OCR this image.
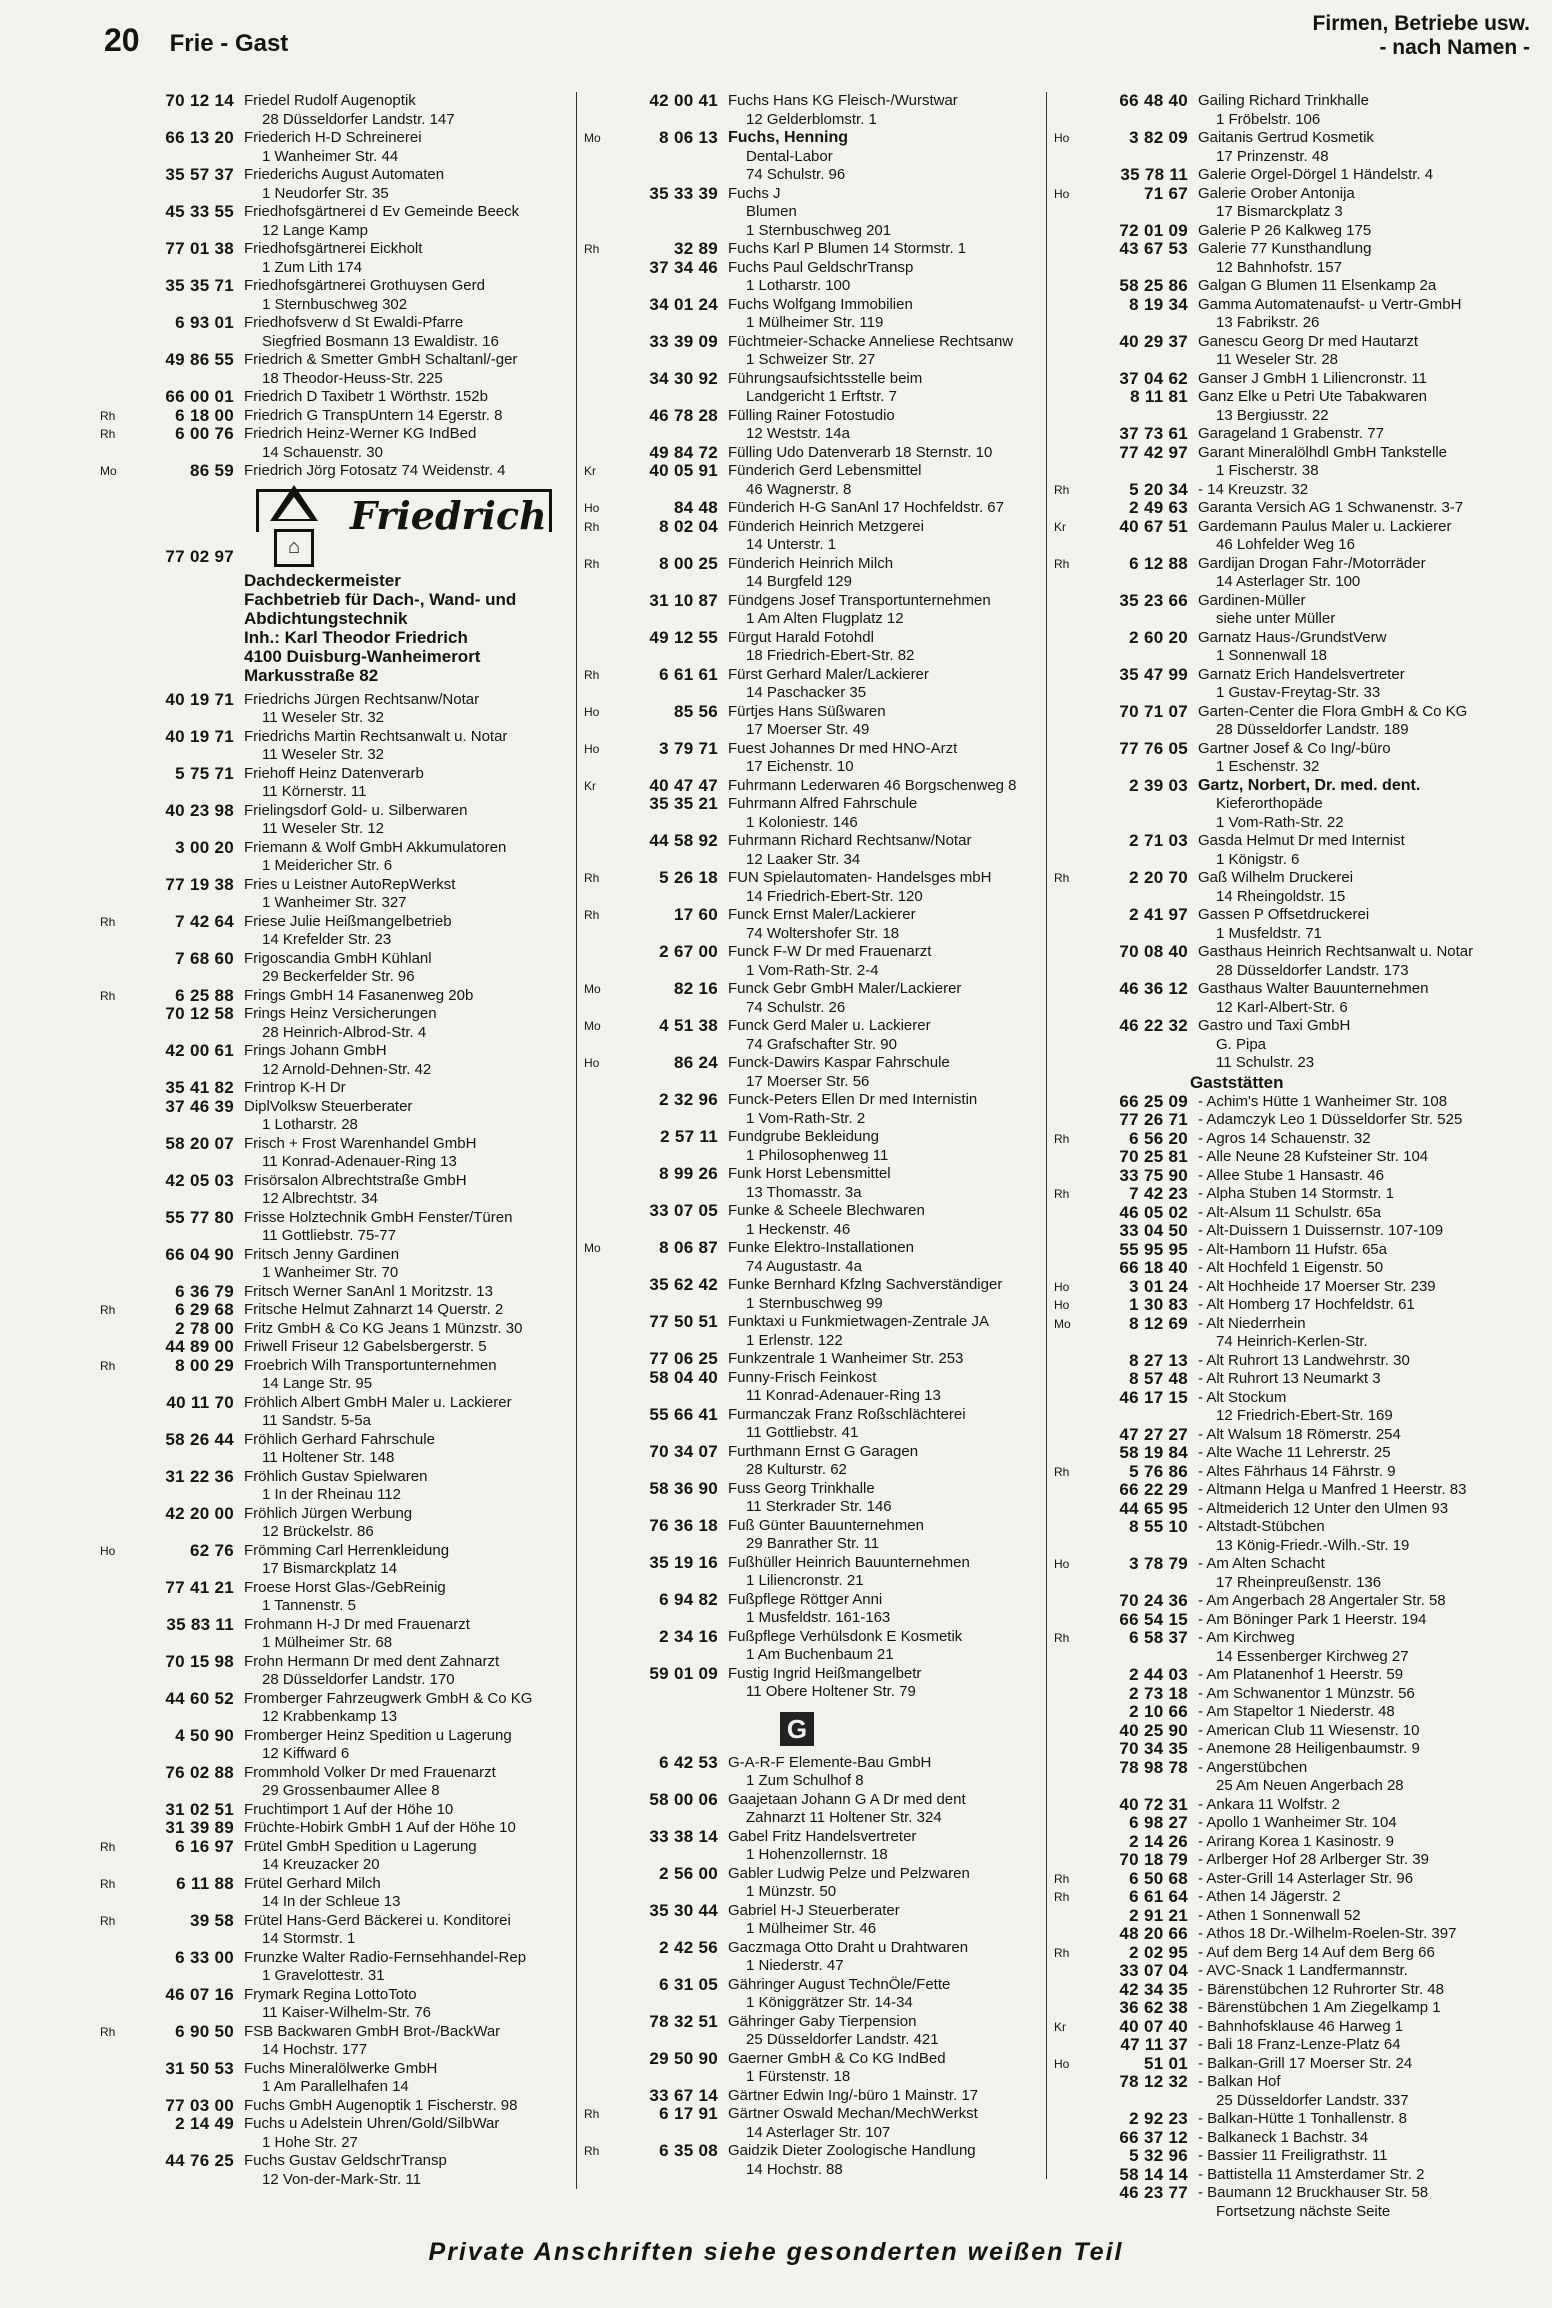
20 Frie - Gast
Firmen, Betriebe usw.
- nach Namen -
70 12 14 Friedel Rudolf Augenoptik
28 Düsseldorfer Landstr. 147
66 13 20 Friederich H-D Schreinerei
1 Wanheimer Str. 44
35 57 37 Friederichs August Automaten
1 Neudorfer Str. 35
45 33 55 Friedhofsgärtnerei d Ev Gemeinde Beeck
12 Lange Kamp
77 01 38 Friedhofsgärtnerei Eickholt
1 Zum Lith 174
35 35 71 Friedhofsgärtnerei Grothuysen Gerd
1 Sternbuschweg 302
6 93 01 Friedhofsverw d St Ewaldi-Pfarre
Siegfried Bosmann 13 Ewaldistr. 16
49 86 55 Friedrich & Smetter GmbH Schaltanl/-ger
18 Theodor-Heuss-Str. 225
66 00 01 Friedrich D Taxibetr 1 Wörthstr. 152b
Rh	6 18 00 Friedrich G TranspUntern 14 Egerstr. 8
Rh	6 00 76 Friedrich Heinz-Werner KG IndBed
14 Schauenstr. 30
Mo	86 59 Friedrich Jörg Fotosatz 74 Weidenstr. 4
77 02 97	⌂
Friedrich
Dachdeckermeister
Fachbetrieb für Dach-, Wand- und
Abdichtungstechnik
Inh.: Karl Theodor Friedrich
4100 Duisburg-Wanheimerort
Markusstraße 82
40 19 71 Friedrichs Jürgen Rechtsanw/Notar
11 Weseler Str. 32
40 19 71 Friedrichs Martin Rechtsanwalt u. Notar
11 Weseler Str. 32
5 75 71 Friehoff Heinz Datenverarb
11 Körnerstr. 11
40 23 98 Frielingsdorf Gold- u. Silberwaren
11 Weseler Str. 12
3 00 20 Friemann & Wolf GmbH Akkumulatoren
1 Meidericher Str. 6
77 19 38 Fries u Leistner AutoRepWerkst
1 Wanheimer Str. 327
Rh	7 42 64 Friese Julie Heißmangelbetrieb
14 Krefelder Str. 23
7 68 60 Frigoscandia GmbH Kühlanl
29 Beckerfelder Str. 96
Rh	6 25 88 Frings GmbH 14 Fasanenweg 20b
70 12 58 Frings Heinz Versicherungen
28 Heinrich-Albrod-Str. 4
42 00 61 Frings Johann GmbH
12 Arnold-Dehnen-Str. 42
35 41 82 Frintrop K-H Dr
37 46 39 DiplVolksw Steuerberater
1 Lotharstr. 28
58 20 07 Frisch + Frost Warenhandel GmbH
11 Konrad-Adenauer-Ring 13
42 05 03 Frisörsalon Albrechtstraße GmbH
12 Albrechtstr. 34
55 77 80 Frisse Holztechnik GmbH Fenster/Türen
11 Gottliebstr. 75-77
66 04 90 Fritsch Jenny Gardinen
1 Wanheimer Str. 70
6 36 79 Fritsch Werner SanAnl 1 Moritzstr. 13
Rh	6 29 68 Fritsche Helmut Zahnarzt 14 Querstr. 2
2 78 00 Fritz GmbH & Co KG Jeans 1 Münzstr. 30
44 89 00 Friwell Friseur 12 Gabelsbergerstr. 5
Rh	8 00 29 Froebrich Wilh Transportunternehmen
14 Lange Str. 95
40 11 70 Fröhlich Albert GmbH Maler u. Lackierer
11 Sandstr. 5-5a
58 26 44 Fröhlich Gerhard Fahrschule
11 Holtener Str. 148
31 22 36 Fröhlich Gustav Spielwaren
1 In der Rheinau 112
42 20 00 Fröhlich Jürgen Werbung
12 Brückelstr. 86
Ho	62 76 Frömming Carl Herrenkleidung
17 Bismarckplatz 14
77 41 21 Froese Horst Glas-/GebReinig
1 Tannenstr. 5
35 83 11 Frohmann H-J Dr med Frauenarzt
1 Mülheimer Str. 68
70 15 98 Frohn Hermann Dr med dent Zahnarzt
28 Düsseldorfer Landstr. 170
44 60 52 Fromberger Fahrzeugwerk GmbH & Co KG
12 Krabbenkamp 13
4 50 90 Fromberger Heinz Spedition u Lagerung
12 Kiffward 6
76 02 88 Frommhold Volker Dr med Frauenarzt
29 Grossenbaumer Allee 8
31 02 51 Fruchtimport 1 Auf der Höhe 10
31 39 89 Früchte-Hobirk GmbH 1 Auf der Höhe 10
Rh	6 16 97 Frütel GmbH Spedition u Lagerung
14 Kreuzacker 20
Rh	6 11 88 Frütel Gerhard Milch
14 In der Schleue 13
Rh	39 58 Frütel Hans-Gerd Bäckerei u. Konditorei
14 Stormstr. 1
6 33 00 Frunzke Walter Radio-Fernsehhandel-Rep
1 Gravelottestr. 31
46 07 16 Frymark Regina LottoToto
11 Kaiser-Wilhelm-Str. 76
Rh	6 90 50 FSB Backwaren GmbH Brot-/BackWar
14 Hochstr. 177
31 50 53 Fuchs Mineralölwerke GmbH
1 Am Parallelhafen 14
77 03 00 Fuchs GmbH Augenoptik 1 Fischerstr. 98
2 14 49 Fuchs u Adelstein Uhren/Gold/SilbWar
1 Hohe Str. 27
44 76 25 Fuchs Gustav GeldschrTransp
12 Von-der-Mark-Str. 11
42 00 41 Fuchs Hans KG Fleisch-/Wurstwar
12 Gelderblomstr. 1
Mo	8 06 13 Fuchs, Henning
Dental-Labor
74 Schulstr. 96
35 33 39 Fuchs J
Blumen
1 Sternbuschweg 201
Rh	32 89 Fuchs Karl P Blumen 14 Stormstr. 1
37 34 46 Fuchs Paul GeldschrTransp
1 Lotharstr. 100
34 01 24 Fuchs Wolfgang Immobilien
1 Mülheimer Str. 119
33 39 09 Füchtmeier-Schacke Anneliese Rechtsanw
1 Schweizer Str. 27
34 30 92 Führungsaufsichtsstelle beim
Landgericht 1 Erftstr. 7
46 78 28 Fülling Rainer Fotostudio
12 Weststr. 14a
49 84 72 Fülling Udo Datenverarb 18 Sternstr. 10
Kr	40 05 91 Fünderich Gerd Lebensmittel
46 Wagnerstr. 8
Ho	84 48 Fünderich H-G SanAnl 17 Hochfeldstr. 67
Rh	8 02 04 Fünderich Heinrich Metzgerei
14 Unterstr. 1
Rh	8 00 25 Fünderich Heinrich Milch
14 Burgfeld 129
31 10 87 Fündgens Josef Transportunternehmen
1 Am Alten Flugplatz 12
49 12 55 Fürgut Harald Fotohdl
18 Friedrich-Ebert-Str. 82
Rh	6 61 61 Fürst Gerhard Maler/Lackierer
14 Paschacker 35
Ho	85 56 Fürtjes Hans Süßwaren
17 Moerser Str. 49
Ho	3 79 71 Fuest Johannes Dr med HNO-Arzt
17 Eichenstr. 10
Kr	40 47 47 Fuhrmann Lederwaren 46 Borgschenweg 8
35 35 21 Fuhrmann Alfred Fahrschule
1 Koloniestr. 146
44 58 92 Fuhrmann Richard Rechtsanw/Notar
12 Laaker Str. 34
Rh	5 26 18 FUN Spielautomaten- Handelsges mbH
14 Friedrich-Ebert-Str. 120
Rh	17 60 Funck Ernst Maler/Lackierer
74 Woltershofer Str. 18
2 67 00 Funck F-W Dr med Frauenarzt
1 Vom-Rath-Str. 2-4
Mo	82 16 Funck Gebr GmbH Maler/Lackierer
74 Schulstr. 26
Mo	4 51 38 Funck Gerd Maler u. Lackierer
74 Grafschafter Str. 90
Ho	86 24 Funck-Dawirs Kaspar Fahrschule
17 Moerser Str. 56
2 32 96 Funck-Peters Ellen Dr med Internistin
1 Vom-Rath-Str. 2
2 57 11 Fundgrube Bekleidung
1 Philosophenweg 11
8 99 26 Funk Horst Lebensmittel
13 Thomasstr. 3a
33 07 05 Funke & Scheele Blechwaren
1 Heckenstr. 46
Mo	8 06 87 Funke Elektro-Installationen
74 Augustastr. 4a
35 62 42 Funke Bernhard Kfzlng Sachverständiger
1 Sternbuschweg 99
77 50 51 Funktaxi u Funkmietwagen-Zentrale JA
1 Erlenstr. 122
77 06 25 Funkzentrale 1 Wanheimer Str. 253
58 04 40 Funny-Frisch Feinkost
11 Konrad-Adenauer-Ring 13
55 66 41 Furmanczak Franz Roßschlächterei
11 Gottliebstr. 41
70 34 07 Furthmann Ernst G Garagen
28 Kulturstr. 62
58 36 90 Fuss Georg Trinkhalle
11 Sterkrader Str. 146
76 36 18 Fuß Günter Bauunternehmen
29 Banrather Str. 11
35 19 16 Fußhüller Heinrich Bauunternehmen
1 Liliencronstr. 21
6 94 82 Fußpflege Röttger Anni
1 Musfeldstr. 161-163
2 34 16 Fußpflege Verhülsdonk E Kosmetik
1 Am Buchenbaum 21
59 01 09 Fustig Ingrid Heißmangelbetr
11 Obere Holtener Str. 79
G
6 42 53 G-A-R-F Elemente-Bau GmbH
1 Zum Schulhof 8
58 00 06 Gaajetaan Johann G A Dr med dent
Zahnarzt 11 Holtener Str. 324
33 38 14 Gabel Fritz Handelsvertreter
1 Hohenzollernstr. 18
2 56 00 Gabler Ludwig Pelze und Pelzwaren
1 Münzstr. 50
35 30 44 Gabriel H-J Steuerberater
1 Mülheimer Str. 46
2 42 56 Gaczmaga Otto Draht u Drahtwaren
1 Niederstr. 47
6 31 05 Gähringer August TechnÖle/Fette
1 Königgrätzer Str. 14-34
78 32 51 Gähringer Gaby Tierpension
25 Düsseldorfer Landstr. 421
29 50 90 Gaerner GmbH & Co KG IndBed
1 Fürstenstr. 18
33 67 14 Gärtner Edwin Ing/-büro 1 Mainstr. 17
Rh	6 17 91 Gärtner Oswald Mechan/MechWerkst
14 Asterlager Str. 107
Rh	6 35 08 Gaidzik Dieter Zoologische Handlung
14 Hochstr. 88
66 48 40 Gailing Richard Trinkhalle
1 Fröbelstr. 106
Ho	3 82 09 Gaitanis Gertrud Kosmetik
17 Prinzenstr. 48
35 78 11 Galerie Orgel-Dörgel 1 Händelstr. 4
Ho	71 67 Galerie Orober Antonija
17 Bismarckplatz 3
72 01 09 Galerie P 26 Kalkweg 175
43 67 53 Galerie 77 Kunsthandlung
12 Bahnhofstr. 157
58 25 86 Galgan G Blumen 11 Elsenkamp 2a
8 19 34 Gamma Automatenaufst- u Vertr-GmbH
13 Fabrikstr. 26
40 29 37 Ganescu Georg Dr med Hautarzt
11 Weseler Str. 28
37 04 62 Ganser J GmbH 1 Liliencronstr. 11
8 11 81 Ganz Elke u Petri Ute Tabakwaren
13 Bergiusstr. 22
37 73 61 Garageland 1 Grabenstr. 77
77 42 97 Garant Mineralölhdl GmbH Tankstelle
1 Fischerstr. 38
Rh	5 20 34 - 14 Kreuzstr. 32
2 49 63 Garanta Versich AG 1 Schwanenstr. 3-7
Kr	40 67 51 Gardemann Paulus Maler u. Lackierer
46 Lohfelder Weg 16
Rh	6 12 88 Gardijan Drogan Fahr-/Motorräder
14 Asterlager Str. 100
35 23 66 Gardinen-Müller
siehe unter Müller
2 60 20 Garnatz Haus-/GrundstVerw
1 Sonnenwall 18
35 47 99 Garnatz Erich Handelsvertreter
1 Gustav-Freytag-Str. 33
70 71 07 Garten-Center die Flora GmbH & Co KG
28 Düsseldorfer Landstr. 189
77 76 05 Gartner Josef & Co Ing/-büro
1 Eschenstr. 32
2 39 03 Gartz, Norbert, Dr. med. dent.
Kieferorthopäde
1 Vom-Rath-Str. 22
2 71 03 Gasda Helmut Dr med Internist
1 Königstr. 6
Rh	2 20 70 Gaß Wilhelm Druckerei
14 Rheingoldstr. 15
2 41 97 Gassen P Offsetdruckerei
1 Musfeldstr. 71
70 08 40 Gasthaus Heinrich Rechtsanwalt u. Notar
28 Düsseldorfer Landstr. 173
46 36 12 Gasthaus Walter Bauunternehmen
12 Karl-Albert-Str. 6
46 22 32 Gastro und Taxi GmbH
G. Pipa
11 Schulstr. 23
Gaststätten
66 25 09 - Achim's Hütte 1 Wanheimer Str. 108
77 26 71 - Adamczyk Leo 1 Düsseldorfer Str. 525
Rh	6 56 20 - Agros 14 Schauenstr. 32
70 25 81 - Alle Neune 28 Kufsteiner Str. 104
33 75 90 - Allee Stube 1 Hansastr. 46
Rh	7 42 23 - Alpha Stuben 14 Stormstr. 1
46 05 02 - Alt-Alsum 11 Schulstr. 65a
33 04 50 - Alt-Duissern 1 Duissernstr. 107-109
55 95 95 - Alt-Hamborn 11 Hufstr. 65a
66 18 40 - Alt Hochfeld 1 Eigenstr. 50
Ho	3 01 24 - Alt Hochheide 17 Moerser Str. 239
Ho	1 30 83 - Alt Homberg 17 Hochfeldstr. 61
Mo	8 12 69 - Alt Niederrhein
74 Heinrich-Kerlen-Str.
8 27 13 - Alt Ruhrort 13 Landwehrstr. 30
8 57 48 - Alt Ruhrort 13 Neumarkt 3
46 17 15 - Alt Stockum
12 Friedrich-Ebert-Str. 169
47 27 27 - Alt Walsum 18 Römerstr. 254
58 19 84 - Alte Wache 11 Lehrerstr. 25
Rh	5 76 86 - Altes Fährhaus 14 Fährstr. 9
66 22 29 - Altmann Helga u Manfred 1 Heerstr. 83
44 65 95 - Altmeiderich 12 Unter den Ulmen 93
8 55 10 - Altstadt-Stübchen
13 König-Friedr.-Wilh.-Str. 19
Ho	3 78 79 - Am Alten Schacht
17 Rheinpreußenstr. 136
70 24 36 - Am Angerbach 28 Angertaler Str. 58
66 54 15 - Am Böninger Park 1 Heerstr. 194
Rh	6 58 37 - Am Kirchweg
14 Essenberger Kirchweg 27
2 44 03 - Am Platanenhof 1 Heerstr. 59
2 73 18 - Am Schwanentor 1 Münzstr. 56
2 10 66 - Am Stapeltor 1 Niederstr. 48
40 25 90 - American Club 11 Wiesenstr. 10
70 34 35 - Anemone 28 Heiligenbaumstr. 9
78 98 78 - Angerstübchen
25 Am Neuen Angerbach 28
40 72 31 - Ankara 11 Wolfstr. 2
6 98 27 - Apollo 1 Wanheimer Str. 104
2 14 26 - Arirang Korea 1 Kasinostr. 9
70 18 79 - Arlberger Hof 28 Arlberger Str. 39
Rh	6 50 68 - Aster-Grill 14 Asterlager Str. 96
Rh	6 61 64 - Athen 14 Jägerstr. 2
2 91 21 - Athen 1 Sonnenwall 52
48 20 66 - Athos 18 Dr.-Wilhelm-Roelen-Str. 397
Rh	2 02 95 - Auf dem Berg 14 Auf dem Berg 66
33 07 04 - AVC-Snack 1 Landfermannstr.
42 34 35 - Bärenstübchen 12 Ruhrorter Str. 48
36 62 38 - Bärenstübchen 1 Am Ziegelkamp 1
Kr	40 07 40 - Bahnhofsklause 46 Harweg 1
47 11 37 - Bali 18 Franz-Lenze-Platz 64
Ho	51 01 - Balkan-Grill 17 Moerser Str. 24
78 12 32 - Balkan Hof
25 Düsseldorfer Landstr. 337
2 92 23 - Balkan-Hütte 1 Tonhallenstr. 8
66 37 12 - Balkaneck 1 Bachstr. 34
5 32 96 - Bassier 11 Freiligrathstr. 11
58 14 14 - Battistella 11 Amsterdamer Str. 2
46 23 77 - Baumann 12 Bruckhauser Str. 58
Fortsetzung nächste Seite
Private Anschriften siehe gesonderten weißen Teil
